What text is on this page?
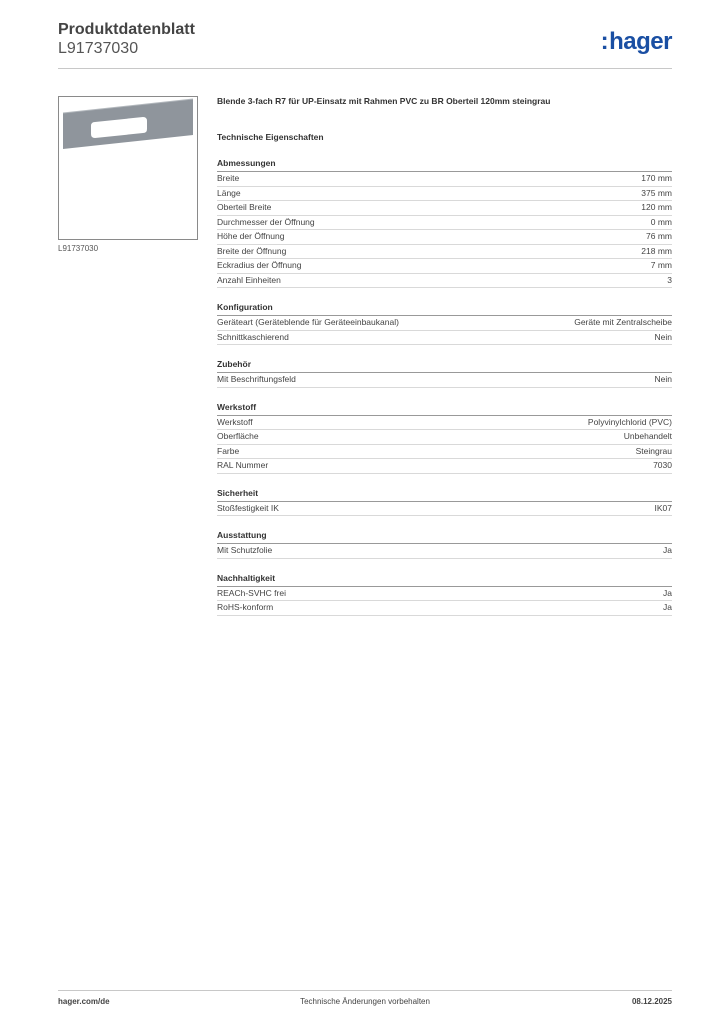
Produktdatenblatt
L91737030	:hager
L91737030
Blende 3-fach R7 für UP-Einsatz mit Rahmen PVC zu BR Oberteil 120mm steingrau
Technische Eigenschaften
Abmessungen
Breite	170 mm
Länge	375 mm
Oberteil Breite	120 mm
Durchmesser der Öffnung	0 mm
Höhe der Öffnung	76 mm
Breite der Öffnung	218 mm
Eckradius der Öffnung	7 mm
Anzahl Einheiten	3
Konfiguration
Geräteart (Geräteblende für Geräteeinbaukanal)	Geräte mit Zentralscheibe
Schnittkaschierend	Nein
Zubehör
Mit Beschriftungsfeld	Nein
Werkstoff
Werkstoff	Polyvinylchlorid (PVC)
Oberfläche	Unbehandelt
Farbe	Steingrau
RAL Nummer	7030
Sicherheit
Stoßfestigkeit IK	IK07
Ausstattung
Mit Schutzfolie	Ja
Nachhaltigkeit
REACh-SVHC frei	Ja
RoHS-konform	Ja
hager.com/de	Technische Änderungen vorbehalten	08.12.2025
